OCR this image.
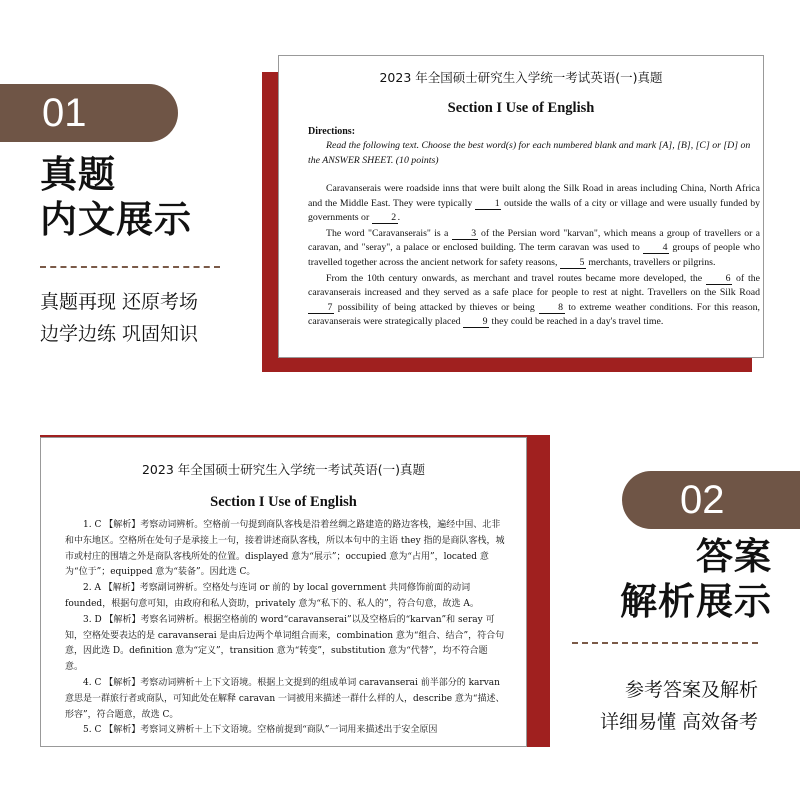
01
真题
内文展示
真题再现 还原考场
边学边练 巩固知识
2023 年全国硕士研究生入学统一考试英语(一)真题
Section I Use of English
Directions:
Read the following text. Choose the best word(s) for each numbered blank and mark [A], [B], [C] or [D] on the ANSWER SHEET. (10 points)

Caravanserais were roadside inns that were built along the Silk Road in areas including China, North Africa and the Middle East. They were typically 1 outside the walls of a city or village and were usually funded by governments or 2 .

The word "Caravanserais" is a 3 of the Persian word "karvan", which means a group of travellers or a caravan, and "seray", a palace or enclosed building. The term caravan was used to 4 groups of people who travelled together across the ancient network for safety reasons, 5 merchants, travellers or pilgrins.

From the 10th century onwards, as merchant and travel routes became more developed, the 6 of the caravanserais increased and they served as a safe place for people to rest at night. Travellers on the Silk Road 7 possibility of being attacked by thieves or being 8 to extreme weather conditions. For this reason, caravanserais were strategically placed 9 they could be reached in a day's travel time.

2023 年全国硕士研究生入学统一考试英语(一)真题
Section I Use of English
1. C 【解析】考察动词辨析。空格前一句提到商队客栈是沿着丝绸之路建造的路边客栈，遍经中国、北非和中东地区。空格所在处句子是承接上一句，接着讲述商队客栈，所以本句中的主语 they 指的是商队客栈，城市或村庄的围墙之外是商队客栈所处的位置。displayed 意为“展示”；occupied 意为“占用”，located 意为“位于”；equipped 意为“装备”。因此选 C。
2. A 【解析】考察副词辨析。空格处与连词 or 前的 by local government 共同修饰前面的动词 founded，根据句意可知，由政府和私人资助，privately 意为“私下的、私人的”，符合句意，故选 A。
3. D 【解析】考察名词辨析。根据空格前的 word“caravanserai”以及空格后的“karvan”和 seray 可知，空格处要表达的是 caravanserai 是由后边两个单词组合而来，combination 意为“组合、结合”，符合句意，因此选 D。definition 意为“定义”，transition 意为“转变”，substitution 意为“代替”，均不符合题意。
4. C 【解析】考察动词辨析＋上下文语境。根据上文提到的组成单词 caravanserai 前半部分的 karvan 意思是一群旅行者或商队，可知此处在解释 caravan 一词被用来描述一群什么样的人，describe 意为“描述、形容”，符合题意，故选 C。
5. C 【解析】考察词义辨析＋上下文语境。空格前提到“商队”一词用来描述出于安全原因
02
答案
解析展示
参考答案及解析
详细易懂 高效备考
